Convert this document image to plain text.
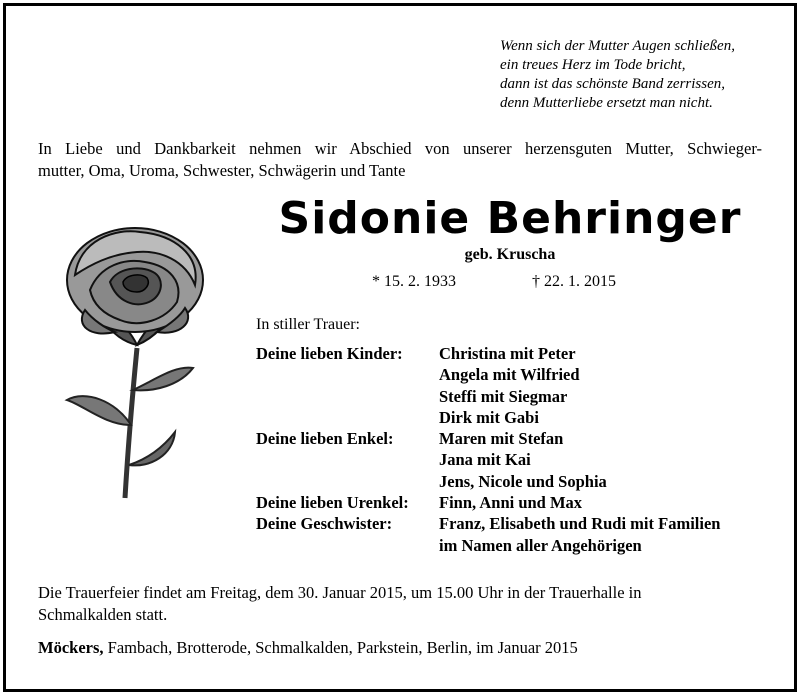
Wenn sich der Mutter Augen schließen,
ein treues Herz im Tode bricht,
dann ist das schönste Band zerrissen,
denn Mutterliebe ersetzt man nicht.
In Liebe und Dankbarkeit nehmen wir Abschied von unserer herzensguten Mutter, Schwieger-
mutter, Oma, Uroma, Schwester, Schwägerin und Tante
Sidonie Behringer
geb. Kruscha
* 15. 2. 1933	† 22. 1. 2015
In stiller Trauer:
Deine lieben Kinder:	Christina mit Peter
Angela mit Wilfried
Steffi mit Siegmar
Dirk mit Gabi
Deine lieben Enkel:	Maren mit Stefan
Jana mit Kai
Jens, Nicole und Sophia
Deine lieben Urenkel:	Finn, Anni und Max
Deine Geschwister:	Franz, Elisabeth und Rudi mit Familien
im Namen aller Angehörigen
Die Trauerfeier findet am Freitag, dem 30. Januar 2015, um 15.00 Uhr in der Trauerhalle in Schmalkalden statt.
Möckers, Fambach, Brotterode, Schmalkalden, Parkstein, Berlin, im Januar 2015
